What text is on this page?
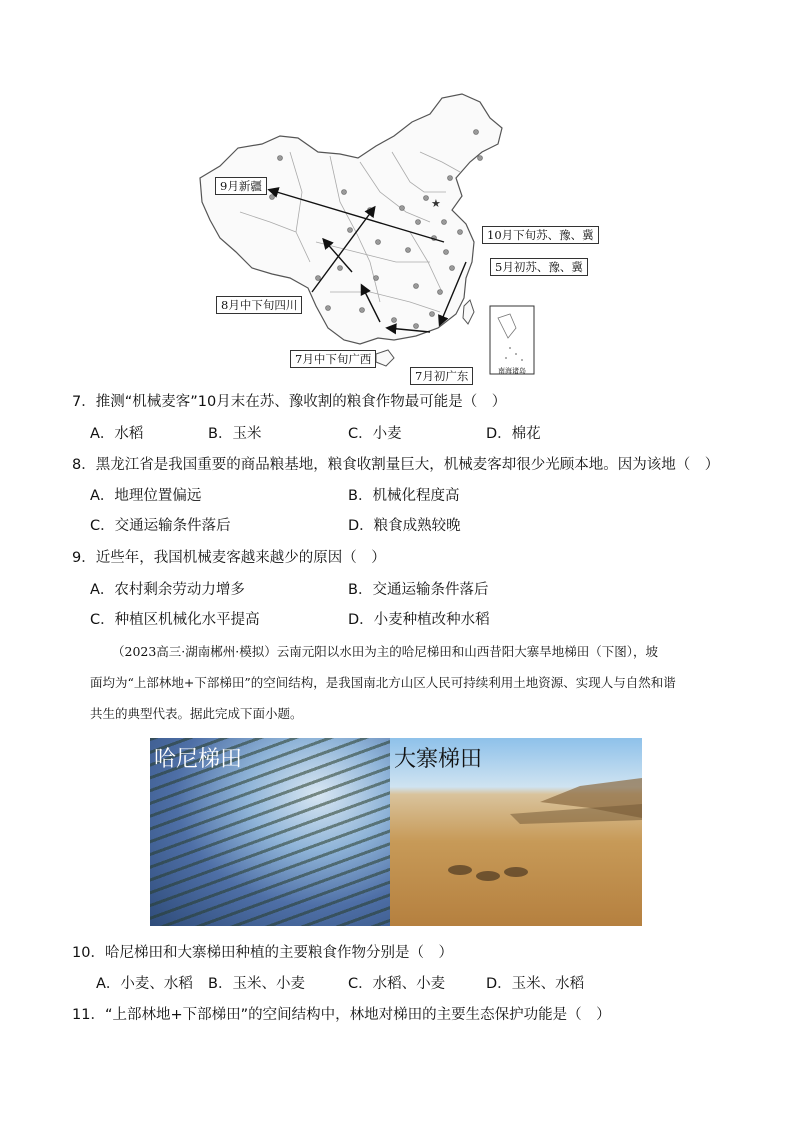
★
南海诸岛
9月新疆
10月下旬苏、豫、冀
5月初苏、豫、冀
8月中下旬四川
7月中下旬广西
7月初广东
7．推测“机械麦客”10月末在苏、豫收割的粮食作物最可能是（　）
A．水稻	B．玉米	C．小麦	D．棉花
8．黑龙江省是我国重要的商品粮基地，粮食收割量巨大，机械麦客却很少光顾本地。因为该地（　）
A．地理位置偏远	B．机械化程度高
C．交通运输条件落后	D．粮食成熟较晚
9．近些年，我国机械麦客越来越少的原因（　）
A．农村剩余劳动力增多	B．交通运输条件落后
C．种植区机械化水平提高	D．小麦种植改种水稻
（2023高三·湖南郴州·模拟）云南元阳以水田为主的哈尼梯田和山西昔阳大寨旱地梯田（下图），坡
面均为“上部林地+下部梯田”的空间结构，是我国南北方山区人民可持续利用土地资源、实现人与自然和谐
共生的典型代表。据此完成下面小题。
哈尼梯田	大寨梯田
10．哈尼梯田和大寨梯田种植的主要粮食作物分别是（　）
A．小麦、水稻 B．玉米、小麦	C．水稻、小麦	D．玉米、水稻
11．“上部林地+下部梯田”的空间结构中，林地对梯田的主要生态保护功能是（　）
